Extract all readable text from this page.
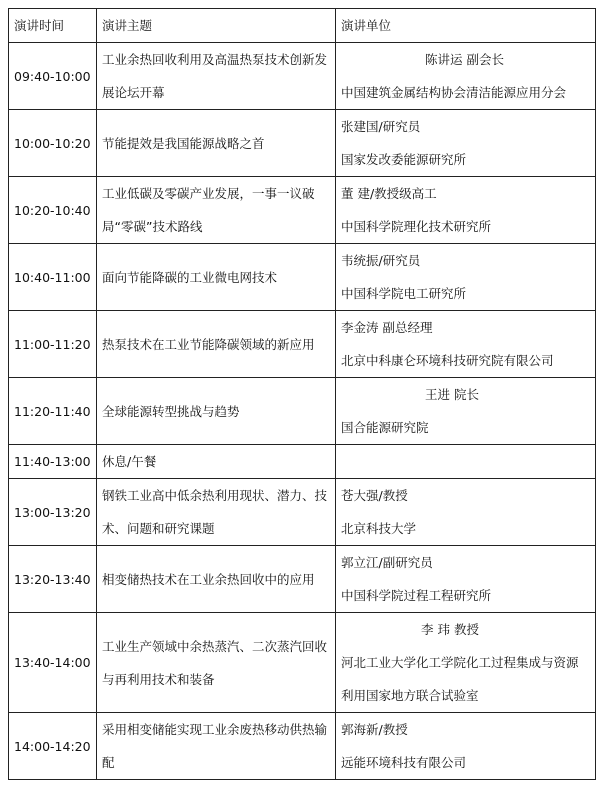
演讲时间	演讲主题	演讲单位
09:40-10:00	工业余热回收利用及高温热泵技术创新发展论坛开幕	陈讲运 副会长
中国建筑金属结构协会清洁能源应用分会

10:00-10:20	节能提效是我国能源战略之首	张建国/研究员
国家发改委能源研究所

10:20-10:40	工业低碳及零碳产业发展，一事一议破局“零碳”技术路线	董 建/教授级高工
中国科学院理化技术研究所

10:40-11:00	面向节能降碳的工业微电网技术	韦统振/研究员
中国科学院电工研究所

11:00-11:20	热泵技术在工业节能降碳领域的新应用	李金涛 副总经理
北京中科康仑环境科技研究院有限公司

11:20-11:40	全球能源转型挑战与趋势	王进 院长
国合能源研究院

11:40-13:00	休息/午餐	

13:00-13:20	钢铁工业高中低余热利用现状、潜力、技术、问题和研究课题	苍大强/教授
北京科技大学

13:20-13:40	相变储热技术在工业余热回收中的应用	郭立江/副研究员
中国科学院过程工程研究所

13:40-14:00	工业生产领域中余热蒸汽、二次蒸汽回收与再利用技术和装备	李 玮 教授
河北工业大学化工学院化工过程集成与资源利用国家地方联合试验室

14:00-14:20	采用相变储能实现工业余废热移动供热输配	郭海新/教授
远能环境科技有限公司
